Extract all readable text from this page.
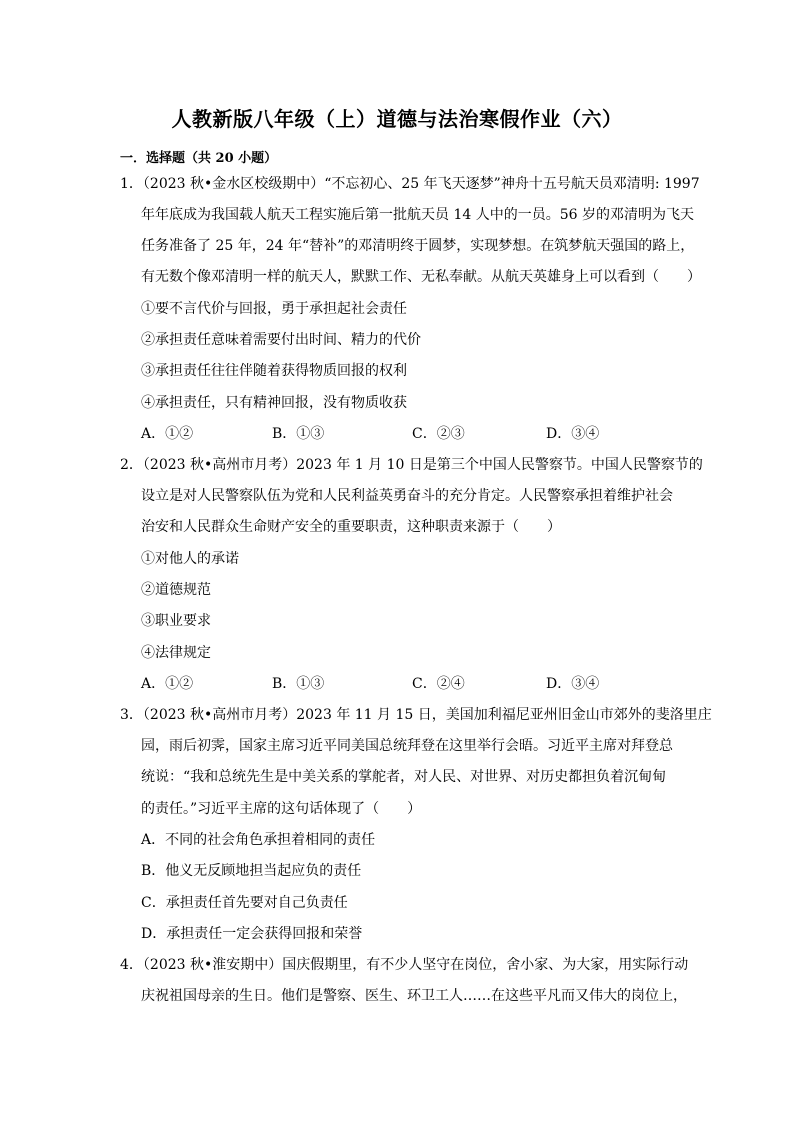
人教新版八年级（上）道德与法治寒假作业（六）
一．选择题（共 20 小题）
1．（2023 秋•金水区校级期中）“不忘初心、25 年飞天逐梦”神舟十五号航天员邓清明: 1997
年年底成为我国载人航天工程实施后第一批航天员 14 人中的一员。56 岁的邓清明为飞天
任务准备了 25 年，24 年“替补”的邓清明终于圆梦，实现梦想。在筑梦航天强国的路上，
有无数个像邓清明一样的航天人，默默工作、无私奉献。从航天英雄身上可以看到（　　）
①要不言代价与回报，勇于承担起社会责任
②承担责任意味着需要付出时间、精力的代价
③承担责任往往伴随着获得物质回报的权利
④承担责任，只有精神回报，没有物质收获
A．①②	B．①③	C．②③	D．③④
2．（2023 秋•高州市月考）2023 年 1 月 10 日是第三个中国人民警察节。中国人民警察节的
设立是对人民警察队伍为党和人民利益英勇奋斗的充分肯定。人民警察承担着维护社会
治安和人民群众生命财产安全的重要职责，这种职责来源于（　　）
①对他人的承诺
②道德规范
③职业要求
④法律规定
A．①②	B．①③	C．②④	D．③④
3．（2023 秋•高州市月考）2023 年 11 月 15 日，美国加利福尼亚州旧金山市郊外的斐洛里庄
园，雨后初霁，国家主席习近平同美国总统拜登在这里举行会晤。习近平主席对拜登总
统说：“我和总统先生是中美关系的掌舵者，对人民、对世界、对历史都担负着沉甸甸
的责任。”习近平主席的这句话体现了（　　）
A．不同的社会角色承担着相同的责任
B．他义无反顾地担当起应负的责任
C．承担责任首先要对自己负责任
D．承担责任一定会获得回报和荣誉
4．（2023 秋•淮安期中）国庆假期里，有不少人坚守在岗位，舍小家、为大家，用实际行动
庆祝祖国母亲的生日。他们是警察、医生、环卫工人……在这些平凡而又伟大的岗位上，
